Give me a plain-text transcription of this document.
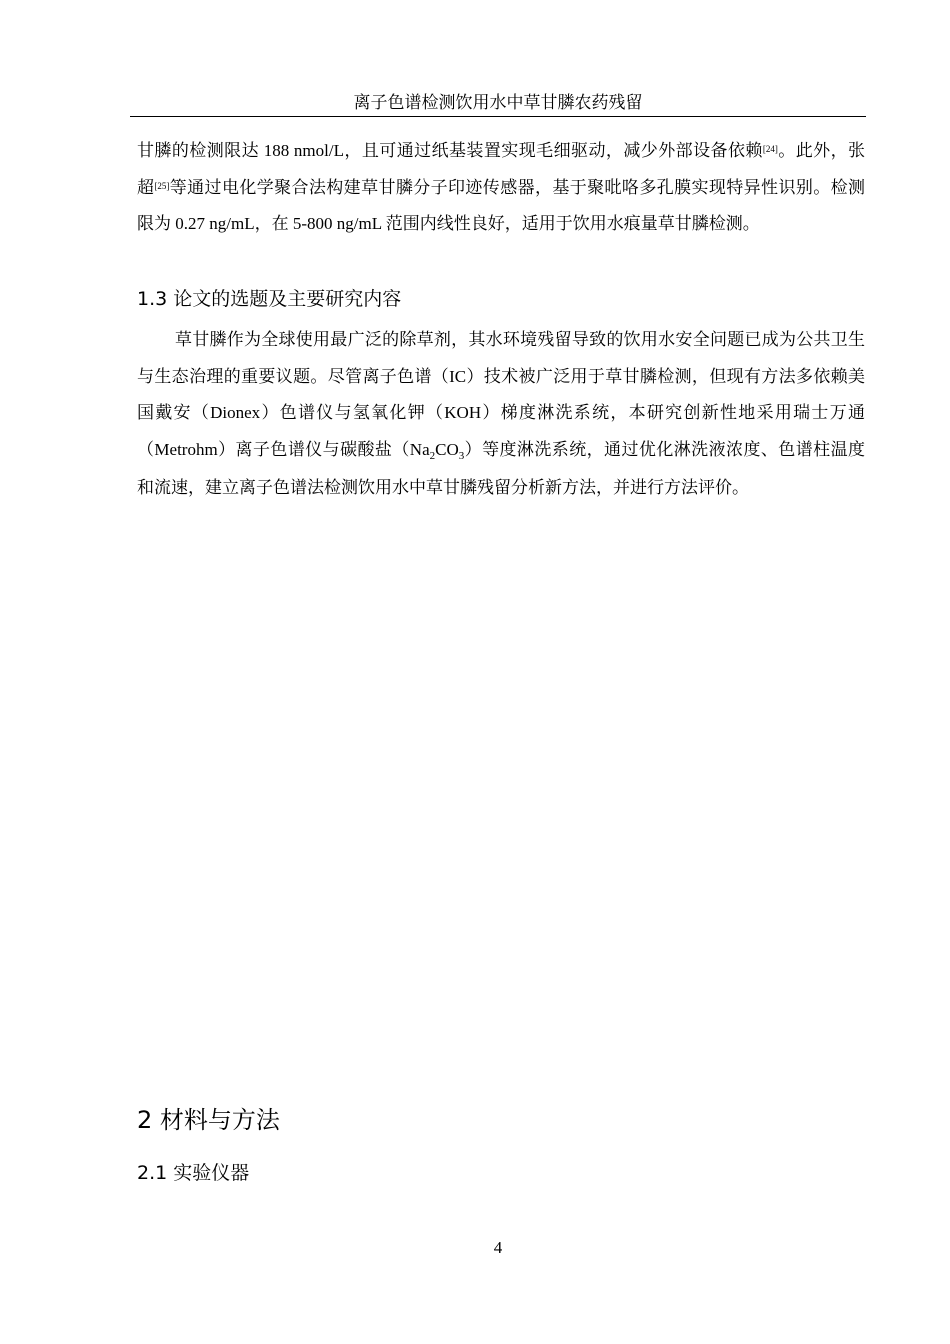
离子色谱检测饮用水中草甘膦农药残留

甘膦的检测限达 188 nmol/L，且可通过纸基装置实现毛细驱动，减少外部设备依赖[24]。此外，张超[25]等通过电化学聚合法构建草甘膦分子印迹传感器，基于聚吡咯多孔膜实现特异性识别。检测限为 0.27 ng/mL，在 5-800 ng/mL 范围内线性良好，适用于饮用水痕量草甘膦检测。

1.3 论文的选题及主要研究内容

草甘膦作为全球使用最广泛的除草剂，其水环境残留导致的饮用水安全问题已成为公共卫生与生态治理的重要议题。尽管离子色谱（IC）技术被广泛用于草甘膦检测，但现有方法多依赖美国戴安（Dionex）色谱仪与氢氧化钾（KOH）梯度淋洗系统，本研究创新性地采用瑞士万通（Metrohm）离子色谱仪与碳酸盐$(Na_2CO_3)$等度淋洗系统，通过优化淋洗液浓度、色谱柱温度和流速，建立离子色谱法检测饮用水中草甘膦残留分析新方法，并进行方法评价。

2 材料与方法
2.1 实验仪器
4
